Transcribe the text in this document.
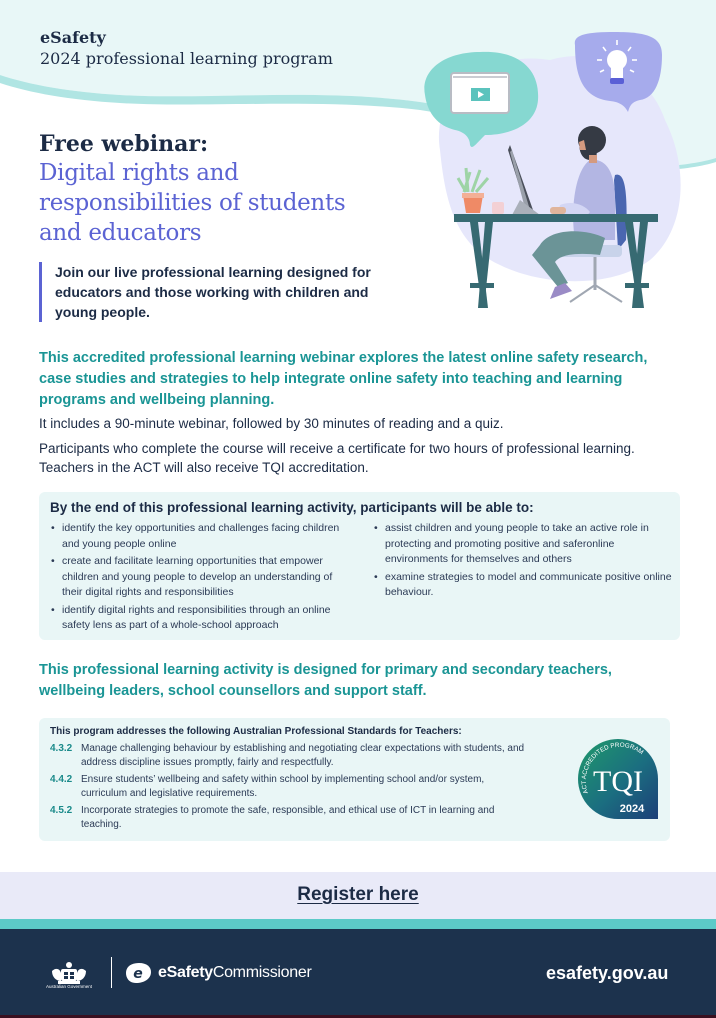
eSafety
2024 professional learning program
Free webinar:
Digital rights and
responsibilities of students
and educators
Join our live professional learning designed for educators and those working with children and young people.
This accredited professional learning webinar explores the latest online safety research, case studies and strategies to help integrate online safety into teaching and learning programs and wellbeing planning.
It includes a 90-minute webinar, followed by 30 minutes of reading and a quiz.
Participants who complete the course will receive a certificate for two hours of professional learning. Teachers in the ACT will also receive TQI accreditation.
By the end of this professional learning activity, participants will be able to:
• identify the key opportunities and challenges facing children and young people online
• create and facilitate learning opportunities that empower children and young people to develop an understanding of their digital rights and responsibilities
• identify digital rights and responsibilities through an online safety lens as part of a whole-school approach
• assist children and young people to take an active role in protecting and promoting positive and saferonline environments for themselves and others
• examine strategies to model and communicate positive online behaviour.
This professional learning activity is designed for primary and secondary teachers, wellbeing leaders, school counsellors and support staff.
This program addresses the following Australian Professional Standards for Teachers:
4.3.2 Manage challenging behaviour by establishing and negotiating clear expectations with students, and address discipline issues promptly, fairly and respectfully.
4.4.2 Ensure students’ wellbeing and safety within school by implementing school and/or system, curriculum and legislative requirements.
4.5.2 Incorporate strategies to promote the safe, responsible, and ethical use of ICT in learning and teaching.
ACT ACCREDITED PROGRAM
TQI
2024
Register here
Australian Government
e eSafetyCommissioner	esafety.gov.au
